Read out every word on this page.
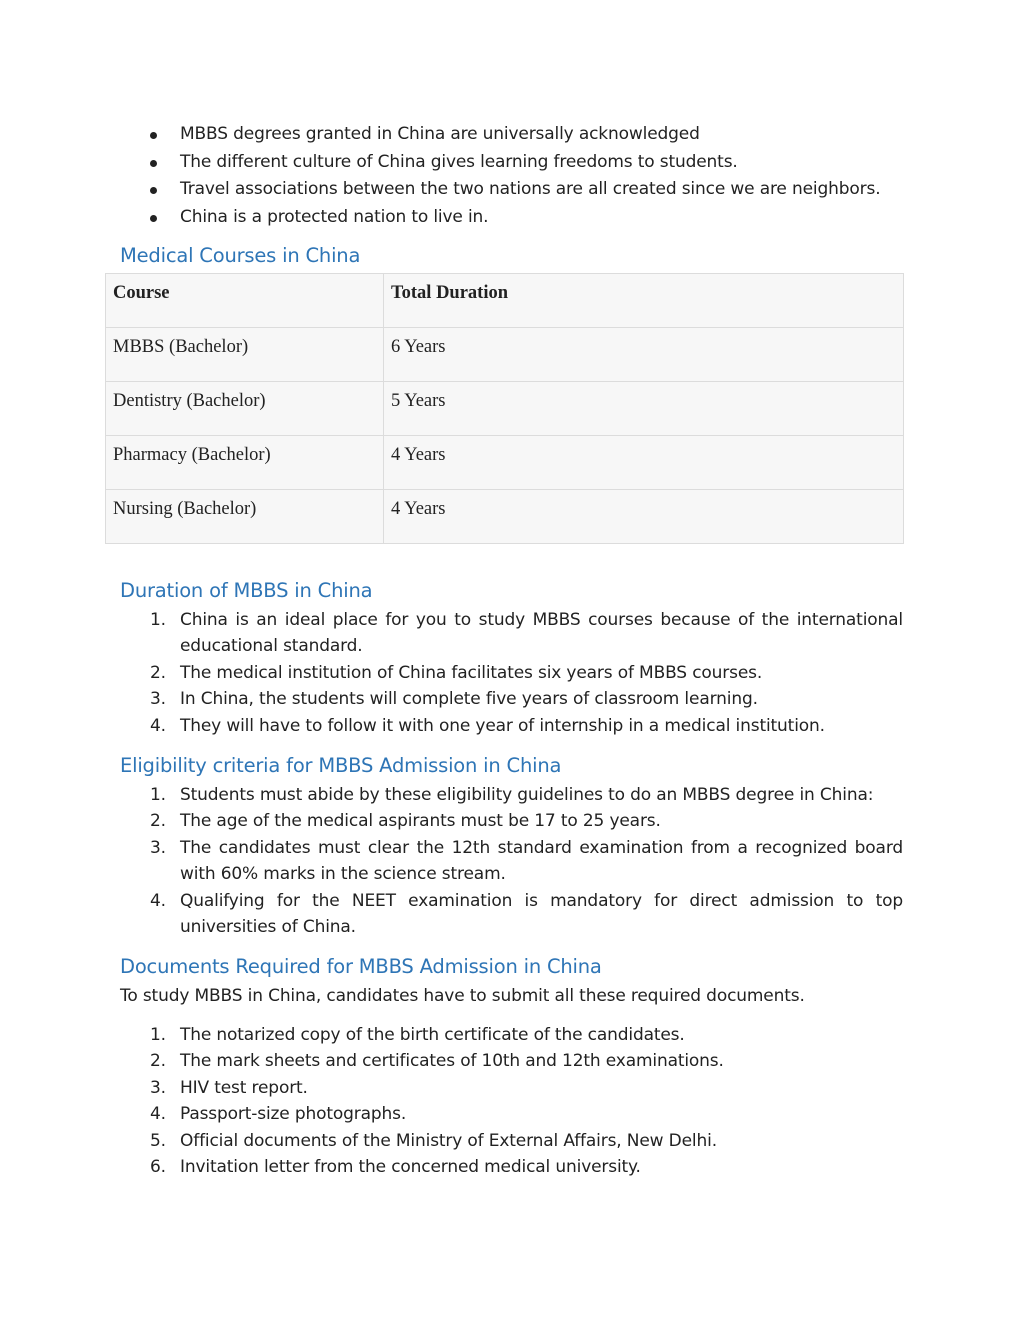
MBBS degrees granted in China are universally acknowledged
The different culture of China gives learning freedoms to students.
Travel associations between the two nations are all created since we are neighbors.
China is a protected nation to live in.
Medical Courses in China
Course	Total Duration
MBBS (Bachelor)	6 Years
Dentistry (Bachelor)	5 Years
Pharmacy (Bachelor)	4 Years
Nursing (Bachelor)	4 Years
Duration of MBBS in China
1. China is an ideal place for you to study MBBS courses because of the international educational standard.
2. The medical institution of China facilitates six years of MBBS courses.
3. In China, the students will complete five years of classroom learning.
4. They will have to follow it with one year of internship in a medical institution.
Eligibility criteria for MBBS Admission in China
1. Students must abide by these eligibility guidelines to do an MBBS degree in China:
2. The age of the medical aspirants must be 17 to 25 years.
3. The candidates must clear the 12th standard examination from a recognized board with 60% marks in the science stream.
4. Qualifying for the NEET examination is mandatory for direct admission to top universities of China.
Documents Required for MBBS Admission in China
To study MBBS in China, candidates have to submit all these required documents.
1. The notarized copy of the birth certificate of the candidates.
2. The mark sheets and certificates of 10th and 12th examinations.
3. HIV test report.
4. Passport-size photographs.
5. Official documents of the Ministry of External Affairs, New Delhi.
6. Invitation letter from the concerned medical university.
